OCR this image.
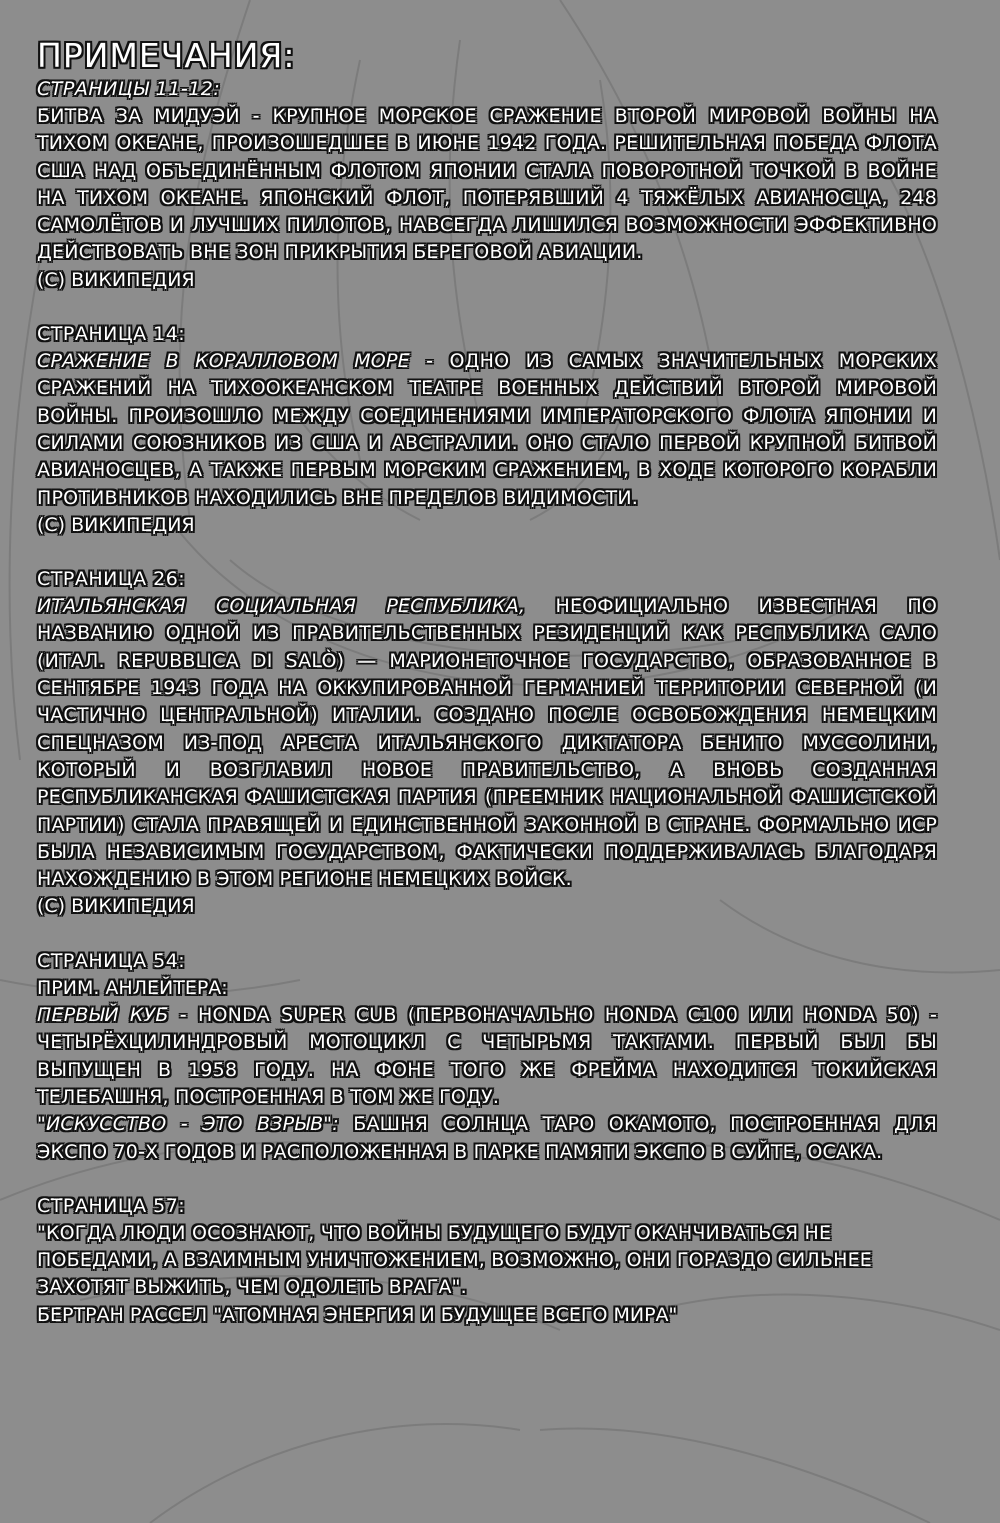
ПРИМЕЧАНИЯ:
СТРАНИЦЫ 11-12:

БИТВА ЗА МИДУЭЙ - КРУПНОЕ МОРСКОЕ СРАЖЕНИЕ ВТОРОЙ МИРОВОЙ ВОЙНЫ НА ТИХОМ ОКЕАНЕ, ПРОИЗОШЕДШЕЕ В ИЮНЕ 1942 ГОДА. РЕШИТЕЛЬНАЯ ПОБЕДА ФЛОТА США НАД ОБЪЕДИНЁННЫМ ФЛОТОМ ЯПОНИИ СТАЛА ПОВОРОТНОЙ ТОЧКОЙ В ВОЙНЕ НА ТИХОМ ОКЕАНЕ. ЯПОНСКИЙ ФЛОТ, ПОТЕРЯВШИЙ 4 ТЯЖЁЛЫХ АВИАНОСЦА, 248 САМОЛЁТОВ И ЛУЧШИХ ПИЛОТОВ, НАВСЕГДА ЛИШИЛСЯ ВОЗМОЖНОСТИ ЭФФЕКТИВНО ДЕЙСТВОВАТЬ ВНЕ ЗОН ПРИКРЫТИЯ БЕРЕГОВОЙ АВИАЦИИ.

(С) ВИКИПЕДИЯ
СТРАНИЦА 14:

СРАЖЕНИЕ В КОРАЛЛОВОМ МОРЕ - ОДНО ИЗ САМЫХ ЗНАЧИТЕЛЬНЫХ МОРСКИХ СРАЖЕНИЙ НА ТИХООКЕАНСКОМ ТЕАТРЕ ВОЕННЫХ ДЕЙСТВИЙ ВТОРОЙ МИРОВОЙ ВОЙНЫ. ПРОИЗОШЛО МЕЖДУ СОЕДИНЕНИЯМИ ИМПЕРАТОРСКОГО ФЛОТА ЯПОНИИ И СИЛАМИ СОЮЗНИКОВ ИЗ США И АВСТРАЛИИ. ОНО СТАЛО ПЕРВОЙ КРУПНОЙ БИТВОЙ АВИАНОСЦЕВ, А ТАКЖЕ ПЕРВЫМ МОРСКИМ СРАЖЕНИЕМ, В ХОДЕ КОТОРОГО КОРАБЛИ ПРОТИВНИКОВ НАХОДИЛИСЬ ВНЕ ПРЕДЕЛОВ ВИДИМОСТИ.

(С) ВИКИПЕДИЯ
СТРАНИЦА 26:

ИТАЛЬЯНСКАЯ СОЦИАЛЬНАЯ РЕСПУБЛИКА, НЕОФИЦИАЛЬНО ИЗВЕСТНАЯ ПО НАЗВАНИЮ ОДНОЙ ИЗ ПРАВИТЕЛЬСТВЕННЫХ РЕЗИДЕНЦИЙ КАК РЕСПУБЛИКА САЛО (ИТАЛ. REPUBBLICA DI SALÒ) — МАРИОНЕТОЧНОЕ ГОСУДАРСТВО, ОБРАЗОВАННОЕ В СЕНТЯБРЕ 1943 ГОДА НА ОККУПИРОВАННОЙ ГЕРМАНИЕЙ ТЕРРИТОРИИ СЕВЕРНОЙ (И ЧАСТИЧНО ЦЕНТРАЛЬНОЙ) ИТАЛИИ. СОЗДАНО ПОСЛЕ ОСВОБОЖДЕНИЯ НЕМЕЦКИМ СПЕЦНАЗОМ ИЗ-ПОД АРЕСТА ИТАЛЬЯНСКОГО ДИКТАТОРА БЕНИТО МУССОЛИНИ, КОТОРЫЙ И ВОЗГЛАВИЛ НОВОЕ ПРАВИТЕЛЬСТВО, А ВНОВЬ СОЗДАННАЯ РЕСПУБЛИКАНСКАЯ ФАШИСТСКАЯ ПАРТИЯ (ПРЕЕМНИК НАЦИОНАЛЬНОЙ ФАШИСТСКОЙ ПАРТИИ) СТАЛА ПРАВЯЩЕЙ И ЕДИНСТВЕННОЙ ЗАКОННОЙ В СТРАНЕ. ФОРМАЛЬНО ИСР БЫЛА НЕЗАВИСИМЫМ ГОСУДАРСТВОМ, ФАКТИЧЕСКИ ПОДДЕРЖИВАЛАСЬ БЛАГОДАРЯ НАХОЖДЕНИЮ В ЭТОМ РЕГИОНЕ НЕМЕЦКИХ ВОЙСК.

(С) ВИКИПЕДИЯ
СТРАНИЦА 54:
ПРИМ. АНЛЕЙТЕРА:

ПЕРВЫЙ КУБ - HONDA SUPER CUB (ПЕРВОНАЧАЛЬНО HONDA C100 ИЛИ HONDA 50) - ЧЕТЫРЁХЦИЛИНДРОВЫЙ МОТОЦИКЛ С ЧЕТЫРЬМЯ ТАКТАМИ. ПЕРВЫЙ БЫЛ БЫ ВЫПУЩЕН В 1958 ГОДУ. НА ФОНЕ ТОГО ЖЕ ФРЕЙМА НАХОДИТСЯ ТОКИЙСКАЯ ТЕЛЕБАШНЯ, ПОСТРОЕННАЯ В ТОМ ЖЕ ГОДУ.

"ИСКУССТВО - ЭТО ВЗРЫВ": БАШНЯ СОЛНЦА ТАРО ОКАМОТО, ПОСТРОЕННАЯ ДЛЯ ЭКСПО 70-Х ГОДОВ И РАСПОЛОЖЕННАЯ В ПАРКЕ ПАМЯТИ ЭКСПО В СУЙТЕ, ОСАКА.

СТРАНИЦА 57:

"КОГДА ЛЮДИ ОСОЗНАЮТ, ЧТО ВОЙНЫ БУДУЩЕГО БУДУТ ОКАНЧИВАТЬСЯ НЕ ПОБЕДАМИ, А ВЗАИМНЫМ УНИЧТОЖЕНИЕМ, ВОЗМОЖНО, ОНИ ГОРАЗДО СИЛЬНЕЕ ЗАХОТЯТ ВЫЖИТЬ, ЧЕМ ОДОЛЕТЬ ВРАГА".

БЕРТРАН РАССЕЛ "АТОМНАЯ ЭНЕРГИЯ И БУДУЩЕЕ ВСЕГО МИРА"
